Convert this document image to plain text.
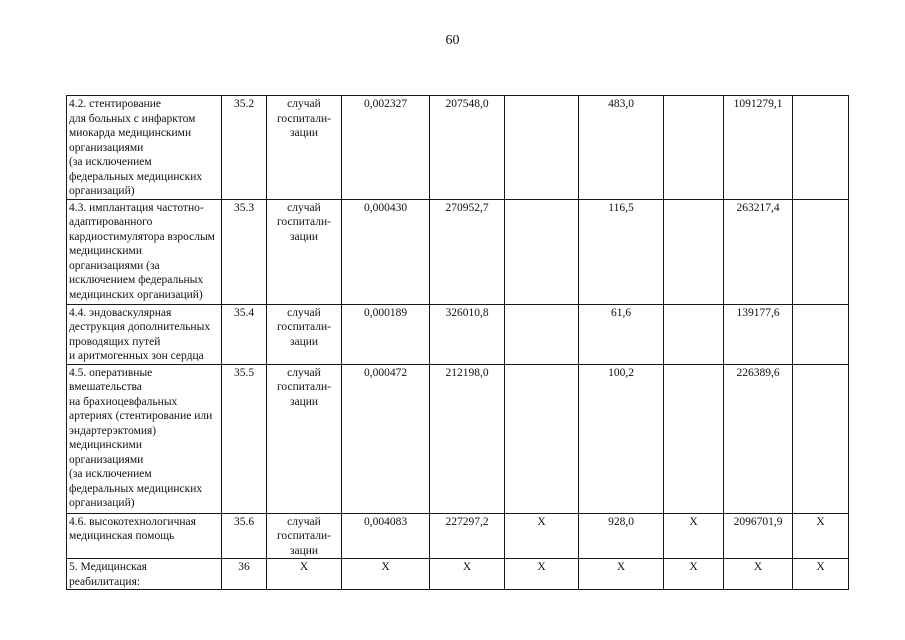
60
4.2. стентирование
для больных с инфарктом миокарда медицинскими организациями
(за исключением федеральных медицинских организаций)	35.2	случай госпитали-зации	0,002327	207548,0		483,0		1091279,1	
4.3. имплантация частотно-адаптированного кардиостимулятора взрослым медицинскими организациями (за исключением федеральных медицинских организаций)	35.3	случай госпитали-зации	0,000430	270952,7		116,5		263217,4	
4.4. эндоваскулярная деструкция дополнительных проводящих путей
и аритмогенных зон сердца	35.4	случай госпитали-зации	0,000189	326010,8		61,6		139177,6	
4.5. оперативные вмешательства
на брахиоцевфальных артериях (стентирование или эндартерэктомия) медицинскими организациями
(за исключением федеральных медицинских организаций)	35.5	случай госпитали-зации	0,000472	212198,0		100,2		226389,6	
4.6. высокотехнологичная медицинская помощь	35.6	случай госпитали-зации	0,004083	227297,2	X	928,0	X	2096701,9	X
5. Медицинская реабилитация:	36	X	X	X	X	X	X	X	X
